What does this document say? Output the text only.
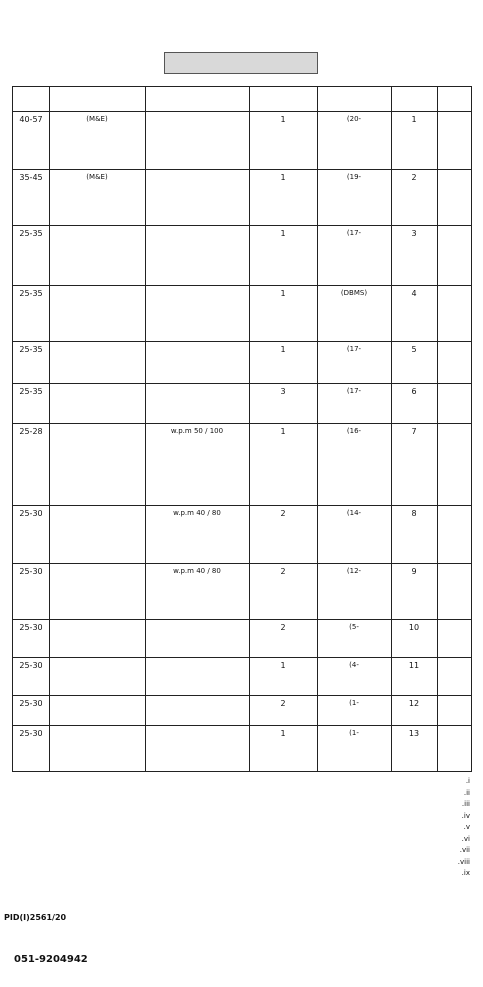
1
(20-
1
(M&E)
40-57
2
(19-
1
(M&E)
35-45
3
(17-
1
25-35
4
(DBMS)
1
25-35
5
(17-
1
25-35
6
(17-
3
25-35
7
(16-
1
100 / 50 w.p.m
25-28
8
(14-
2
80 / 40 w.p.m
25-30
9
(12-
2
80 / 40 w.p.m
25-30
10
(5-
2
25-30
11
(4-
1
25-30
12
(1-
2
25-30
13
(1-
1
25-30
i.
ii.
iii.
iv.
v.
vi.
vii.
viii.
ix.
PID(I)2561/20
051-9204942
